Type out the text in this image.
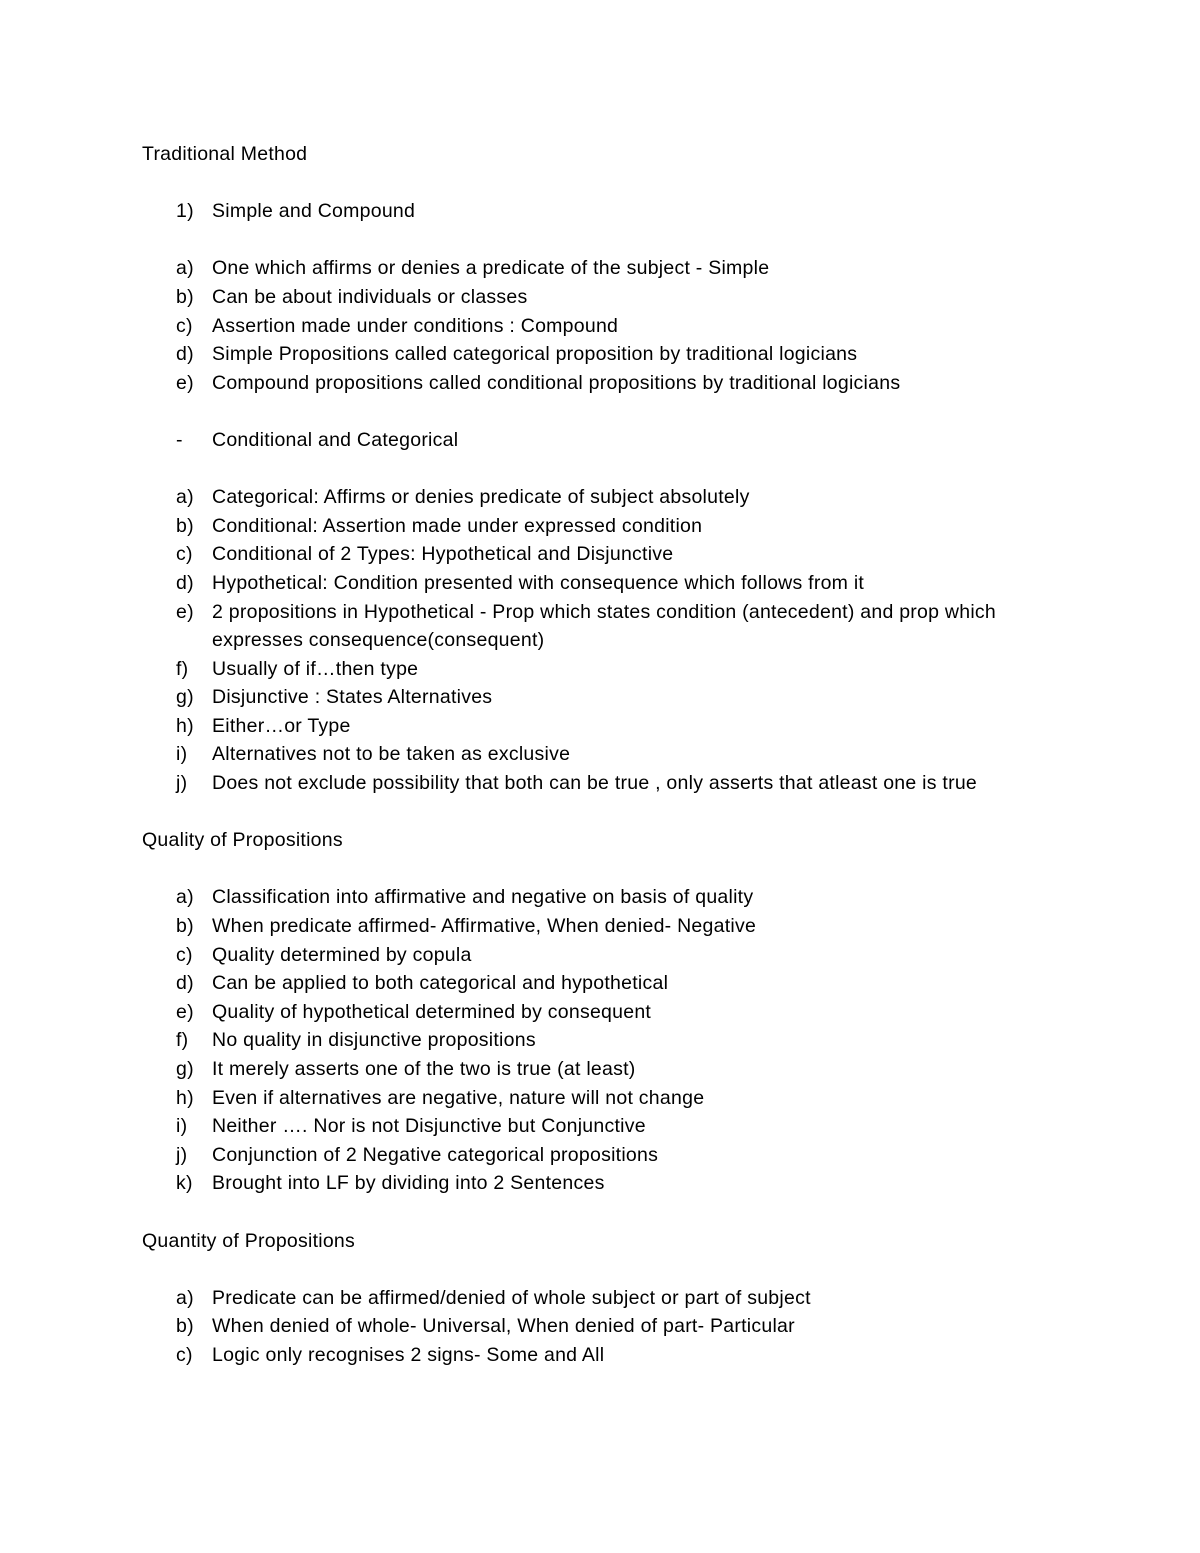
Traditional Method
1) Simple and Compound
a) One which affirms or denies a predicate of the subject - Simple
b) Can be about individuals or classes
c) Assertion made under conditions : Compound
d) Simple Propositions called categorical proposition by traditional logicians
e) Compound propositions called conditional propositions by traditional logicians
-	Conditional and Categorical
a) Categorical: Affirms or denies predicate of subject absolutely
b) Conditional: Assertion made under expressed condition
c) Conditional of 2 Types: Hypothetical and Disjunctive
d) Hypothetical: Condition presented with consequence which follows from it
e) 2 propositions in Hypothetical - Prop which states condition (antecedent) and prop which expresses consequence(consequent)
f)	Usually of if…then type
g) Disjunctive : States Alternatives
h) Either…or Type
i)	Alternatives not to be taken as exclusive
j)	Does not exclude possibility that both can be true , only asserts that atleast one is true
Quality of Propositions
a) Classification into affirmative and negative on basis of quality
b) When predicate affirmed- Affirmative, When denied- Negative
c) Quality determined by copula
d) Can be applied to both categorical and hypothetical
e) Quality of hypothetical determined by consequent
f)	No quality in disjunctive propositions
g) It merely asserts one of the two is true (at least)
h) Even if alternatives are negative, nature will not change
i)	Neither …. Nor is not Disjunctive but Conjunctive
j)	Conjunction of 2 Negative categorical propositions
k) Brought into LF by dividing into 2 Sentences
Quantity of Propositions
a) Predicate can be affirmed/denied of whole subject or part of subject
b) When denied of whole- Universal, When denied of part- Particular
c) Logic only recognises 2 signs- Some and All
